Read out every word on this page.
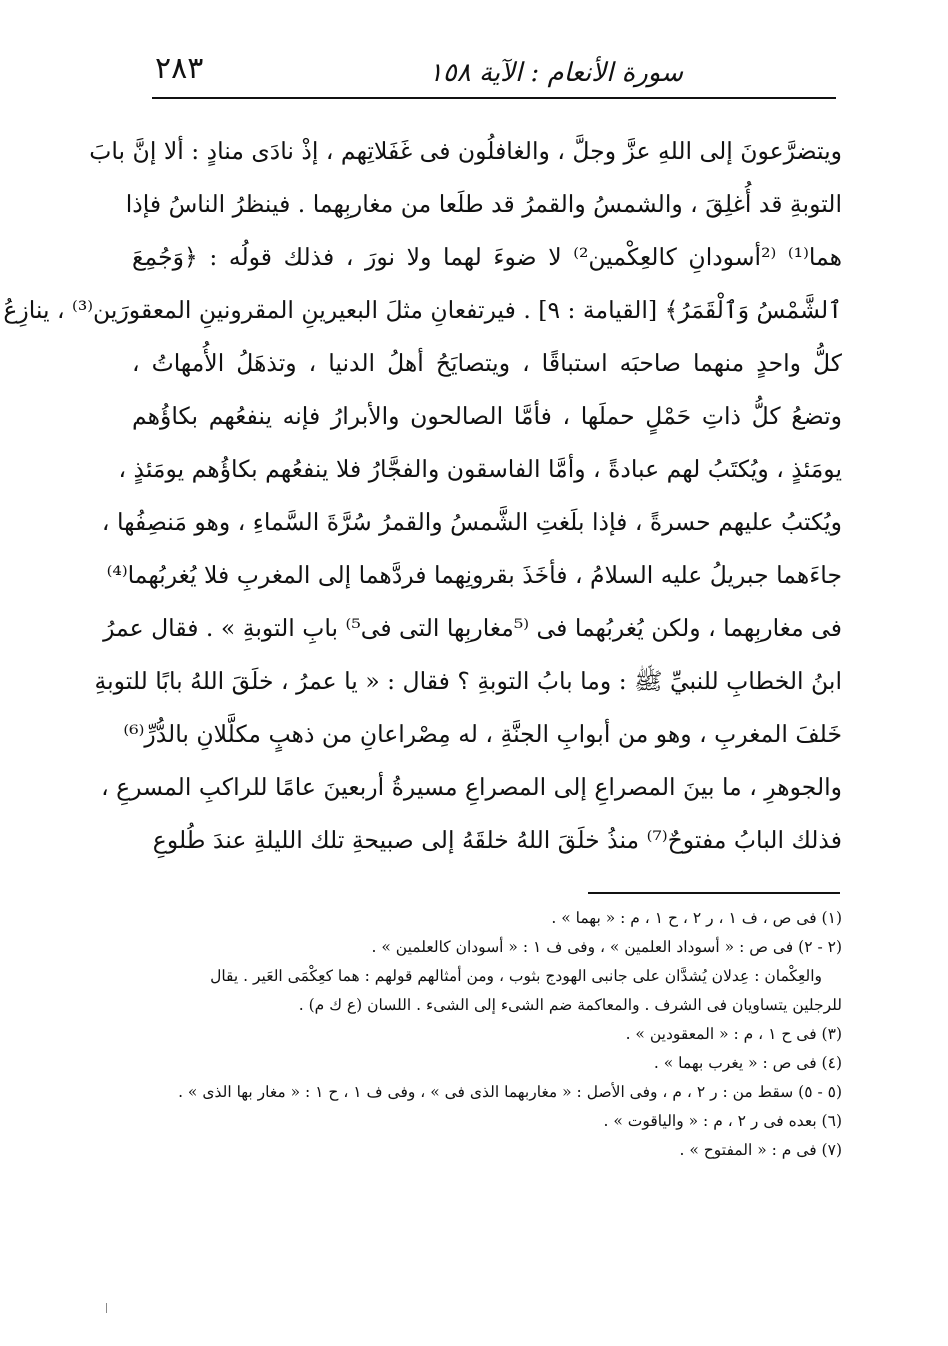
سورة الأنعام : الآية ١٥٨
٢٨٣
ويتضرَّعونَ إلى اللهِ عزَّ وجلَّ ، والغافلُون فى غَفَلاتِهم ، إذْ نادَى منادٍ : ألا إنَّ بابَ
التوبةِ قد أُغلِقَ ، والشمسُ والقمرُ قد طلَعا من مغاربِهما . فينظرُ الناسُ فإذا
هما⁽¹⁾ ⁽²أسودانِ كالعِكْمين²⁾ لا ضوءَ لهما ولا نورَ ، فذلك قولُه : ﴿وَجُمِعَ
ٱلشَّمْسُ وَٱلْقَمَرُ﴾ [القيامة : ٩] . فيرتفعانِ مثلَ البعيرينِ المقرونينِ المعقورَين⁽³⁾ ، ينازِعُ
كلُّ واحدٍ منهما صاحبَه استباقًا ، ويتصايَحُ أهلُ الدنيا ، وتذهَلُ الأُمهاتُ ،
وتضعُ كلُّ ذاتِ حَمْلٍ حملَها ، فأمَّا الصالحون والأبرارُ فإنه ينفعُهم بكاؤُهم
يومَئذٍ ، ويُكتَبُ لهم عبادةً ، وأمَّا الفاسقون والفجَّارُ فلا ينفعُهم بكاؤُهم يومَئذٍ ،
ويُكتبُ عليهم حسرةً ، فإذا بلَغتِ الشَّمسُ والقمرُ سُرَّةَ السَّماءِ ، وهو مَنصِفُها ،
جاءَهما جبريلُ عليه السلامُ ، فأخَذَ بقرونِهما فردَّهما إلى المغربِ فلا يُغربُهما⁽⁴⁾
فى مغاربِهما ، ولكن يُغربُهما فى ⁽⁵مغاربِها التى فى⁵⁾ بابِ التوبةِ » . فقال عمرُ
ابنُ الخطابِ للنبيِّ ﷺ : وما بابُ التوبةِ ؟ فقال : « يا عمرُ ، خلَقَ اللهُ بابًا للتوبةِ
خَلفَ المغربِ ، وهو من أبوابِ الجنَّةِ ، له مِصْراعانِ من ذهبٍ مكلَّلانِ بالدُّرِّ⁽⁶⁾
والجوهرِ ، ما بينَ المصراعِ إلى المصراعِ مسيرةُ أربعينَ عامًا للراكبِ المسرعِ ،
فذلك البابُ مفتوحٌ⁽⁷⁾ منذُ خلَقَ اللهُ خلقَهُ إلى صبيحةِ تلك الليلةِ عندَ طُلوعِ
(١) فى ص ، ف ١ ، ر ٢ ، ح ١ ، م : « بهما » .
(٢ - ٢) فى ص : « أسوداد العلمين » ، وفى ف ١ : « أسودان كالعلمين » .
والعِكْمان : عِدلان يُشدَّان على جانبى الهودج بثوب ، ومن أمثالهم قولهم : هما كعِكْمَى العَير . يقال
للرجلين يتساويان فى الشرف . والمعاكمة ضم الشىء إلى الشىء . اللسان (ع ك م) .
(٣) فى ح ١ ، م : « المعقودين » .
(٤) فى ص : « يغرب بهما » .
(٥ - ٥) سقط من : ر ٢ ، م ، وفى الأصل : « مغاربهما الذى فى » ، وفى ف ١ ، ح ١ : « مغار بها الذى » .
(٦) بعده فى ر ٢ ، م : « والياقوت » .
(٧) فى م : « المفتوح » .
